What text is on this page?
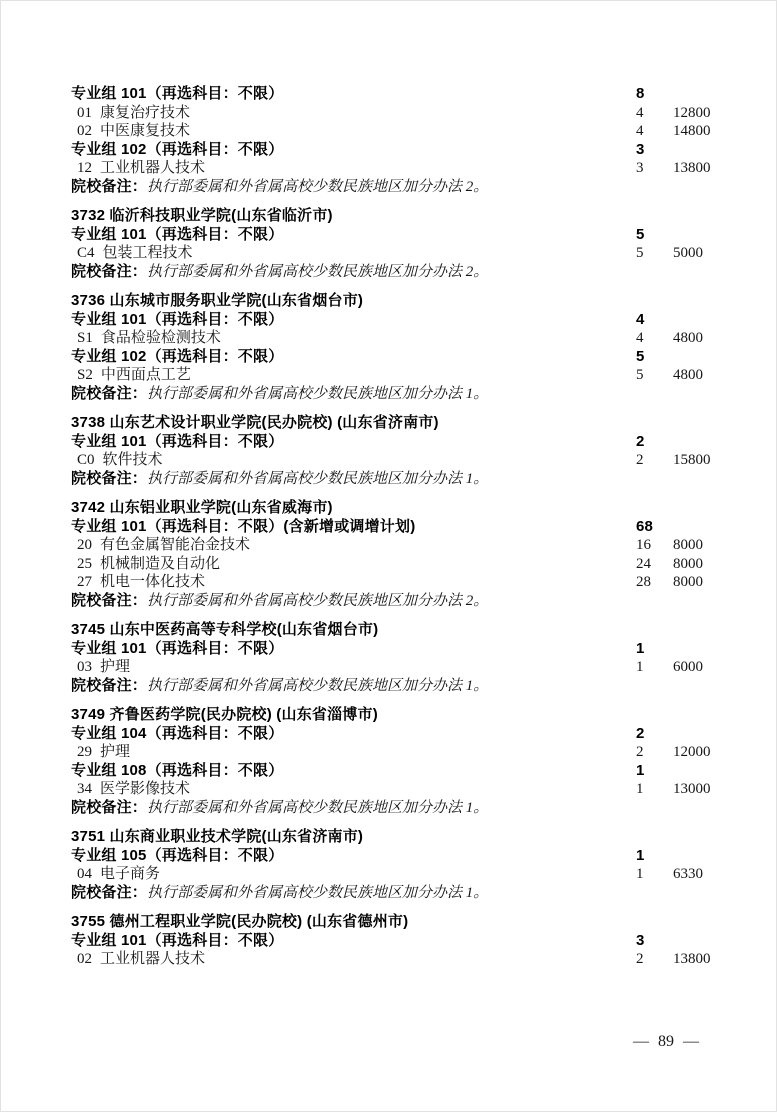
专业组 101（再选科目：不限）	8
01 康复治疗技术	4	12800
02 中医康复技术	4	14800
专业组 102（再选科目：不限）	3
12 工业机器人技术	3	13800
院校备注：执行部委属和外省属高校少数民族地区加分办法 2。
3732 临沂科技职业学院(山东省临沂市)
专业组 101（再选科目：不限）	5
C4 包装工程技术	5	5000
院校备注：执行部委属和外省属高校少数民族地区加分办法 2。
3736 山东城市服务职业学院(山东省烟台市)
专业组 101（再选科目：不限）	4
S1 食品检验检测技术	4	4800
专业组 102（再选科目：不限）	5
S2 中西面点工艺	5	4800
院校备注：执行部委属和外省属高校少数民族地区加分办法 1。
3738 山东艺术设计职业学院(民办院校) (山东省济南市)
专业组 101（再选科目：不限）	2
C0 软件技术	2	15800
院校备注：执行部委属和外省属高校少数民族地区加分办法 1。
3742 山东铝业职业学院(山东省威海市)
专业组 101（再选科目：不限）(含新增或调增计划)	68
20 有色金属智能冶金技术	16	8000
25 机械制造及自动化	24	8000
27 机电一体化技术	28	8000
院校备注：执行部委属和外省属高校少数民族地区加分办法 2。
3745 山东中医药高等专科学校(山东省烟台市)
专业组 101（再选科目：不限）	1
03 护理	1	6000
院校备注：执行部委属和外省属高校少数民族地区加分办法 1。
3749 齐鲁医药学院(民办院校) (山东省淄博市)
专业组 104（再选科目：不限）	2
29 护理	2	12000
专业组 108（再选科目：不限）	1
34 医学影像技术	1	13000
院校备注：执行部委属和外省属高校少数民族地区加分办法 1。
3751 山东商业职业技术学院(山东省济南市)
专业组 105（再选科目：不限）	1
04 电子商务	1	6330
院校备注：执行部委属和外省属高校少数民族地区加分办法 1。
3755 德州工程职业学院(民办院校) (山东省德州市)
专业组 101（再选科目：不限）	3
02 工业机器人技术	2	13800
— 89 —
